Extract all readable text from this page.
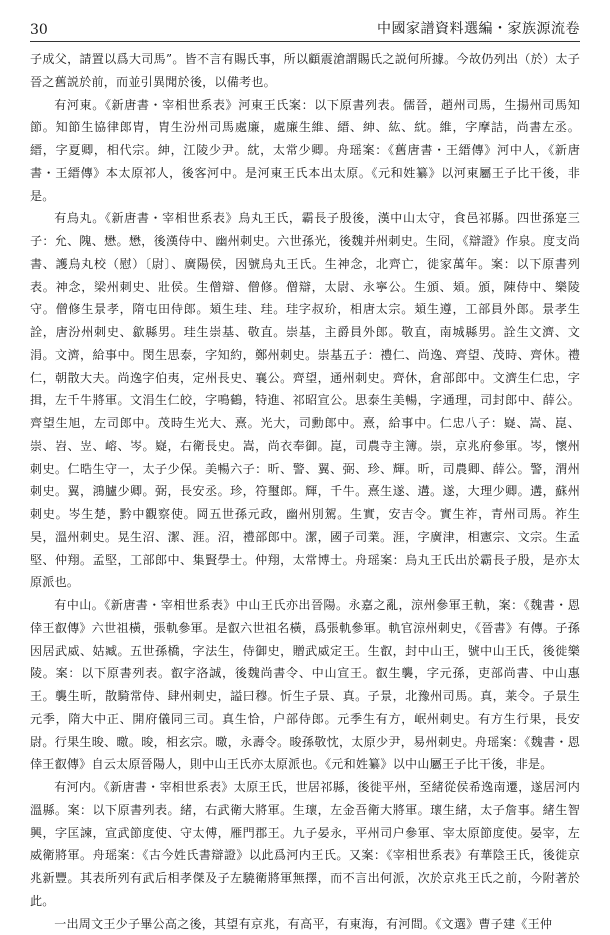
30	中國家譜資料選編・家族源流卷

子成父，請置以爲大司馬”。皆不言有賜氏事，所以顧震滄謂賜氏之説何所據。今故仍列出（於）太子晉之舊説於前，而並引異聞於後，以備考也。

有河東。《新唐書・宰相世系表》河東王氏案：以下原書列表。儒晉，趙州司馬，生揚州司馬知節。知節生協律郎胄，胄生汾州司馬處廉，處廉生維、縉、紳、紘、紞。維，字摩詰，尚書左丞。縉，字夏卿，相代宗。紳，江陵少尹。紞，太常少卿。舟瑶案：《舊唐書・王縉傳》河中人，《新唐書・王縉傳》本太原祁人，後客河中。是河東王氏本出太原。《元和姓纂》以河東屬王子比干後，非是。

有烏丸。《新唐書・宰相世系表》烏丸王氏，霸長子殷後，漢中山太守，食邑祁縣。四世孫寔三子：允、隗、懋。懋，後漢侍中、幽州刺史。六世孫光，後魏并州刺史。生冏，《辯證》作泉。度支尚書、護烏丸校（慰）〔尉〕、廣陽侯，因號烏丸王氏。生神念，北齊亡，徙家萬年。案：以下原書列表。神念，梁州刺史、壯侯。生僧辯、僧修。僧辯，太尉、永寧公。生頒、頍。頒，陳侍中、樂陵守。僧修生景孝，隋屯田侍郎。頍生珪、珪。珪字叔玠，相唐太宗。頍生遵，工部員外郎。景孝生詮，唐汾州刺史、歙縣男。珪生崇基、敬直。崇基，主爵員外郎。敬直，南城縣男。詮生文濟、文涓。文濟，給事中。閔生思泰，字知約，鄭州刺史。崇基五子：禮仁、尚逸、齊望、茂時、齊休。禮仁，朝散大夫。尚逸字伯夷，定州長史、襄公。齊望，通州刺史。齊休，倉部郎中。文濟生仁忠，字揖，左千牛將軍。文涓生仁皎，字鳴鶴，特進、祁昭宣公。思泰生美暢，字通理，司封郎中、薛公。齊望生旭，左司郎中。茂時生光大、熹。光大，司勳郎中。熹，給事中。仁忠八子：嶷、嵩、崑、崇、岧、岦、嵱、岑。嶷，右衛長史。嵩，尚衣奉御。崑，司農寺主簿。崇，京兆府參軍。岑，懷州刺史。仁晧生守一，太子少保。美暢六子：昕、警、翼、弼、珍、輝。昕，司農卿、薛公。警，渭州刺史。翼，鴻臚少卿。弼，長安丞。珍，符璽郎。輝，千牛。熹生遂、遘。遂，大理少卿。遘，蘇州刺史。岑生楚，黔中觀察使。岡五世孫元政，幽州別駕。生實，安吉令。實生祚，青州司馬。祚生昊，溫州刺史。晃生沼、潔、涯。沼，禮部郎中。潔，國子司業。涯，字廣津，相憲宗、文宗。生孟堅、仲翔。孟堅，工部郎中、集賢學士。仲翔，太常博士。舟瑶案：烏丸王氏出於霸長子殷，是亦太原派也。

有中山。《新唐書・宰相世系表》中山王氏亦出晉陽。永嘉之亂，涼州參軍王軌，案：《魏書・恩倖王叡傳》六世祖橫，張軌參軍。是叡六世祖名橫，爲張軌參軍。軌官涼州刺史，《晉書》有傳。子孫因居武威、姑臧。五世孫橋，字法生，侍御史，贈武威定王。生叡，封中山王，號中山王氏，後徙樂陵。案：以下原書列表。叡字洛誠，後魏尚書令、中山宣王。叡生襲，字元孫，吏部尚書、中山惠王。襲生昕，散騎常侍、肆州刺史，謚曰穆。忻生子景、真。子景，北豫州司馬。真，莱令。子景生元季，隋大中正、開府儀同三司。真生恰，户部侍郎。元季生有方，岷州刺史。有方生行果，長安尉。行果生晙、曒。晙，相玄宗。曒，永壽令。晙孫敬忱，太原少尹，易州刺史。舟瑶案：《魏書・恩倖王叡傳》自云太原晉陽人，則中山王氏亦太原派也。《元和姓纂》以中山屬王子比干後，非是。

有河内。《新唐書・宰相世系表》太原王氏，世居祁縣，後徙平州，至緒從侯希逸南遷，遂居河内溫縣。案：以下原書列表。緒，右武衛大將軍。生瓌，左金吾衛大將軍。瓌生緒，太子詹事。緒生智興，字匡諫，宣武節度使、守太傅，雁門郡王。九子晏永，平州司户參軍、宰太原節度使。晏宰，左威衛將軍。舟瑶案：《古今姓氏書辯證》以此爲河内王氏。又案：《宰相世系表》有華陰王氏，後徙京兆新豐。其表所列有武后相孝傑及子左驍衛將軍無擇，而不言出何派，次於京兆王氏之前，今附著於此。

一出周文王少子畢公高之後，其望有京兆，有高平，有東海，有河間。《文選》曹子建《王仲
